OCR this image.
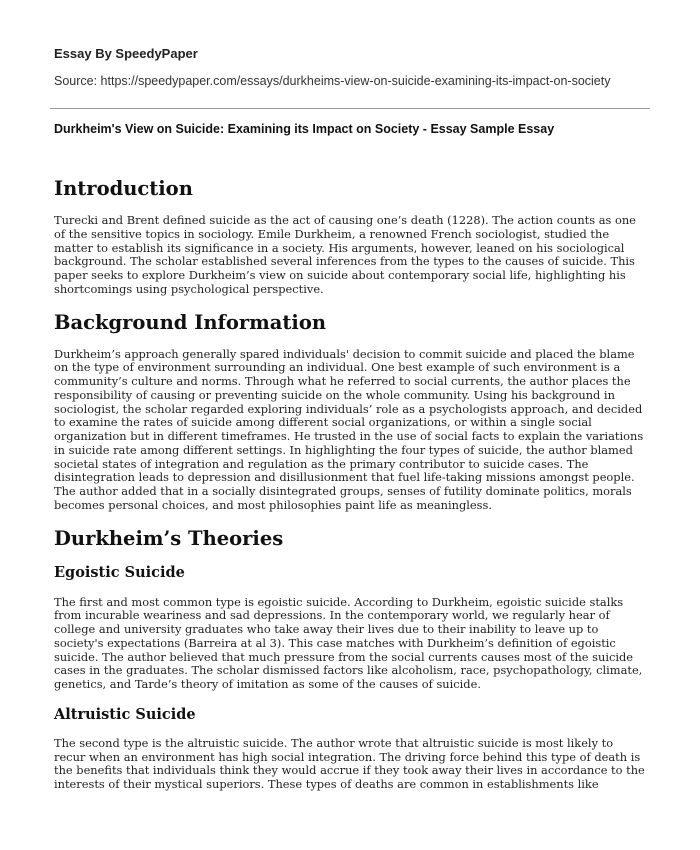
Essay By SpeedyPaper
Source: https://speedypaper.com/essays/durkheims-view-on-suicide-examining-its-impact-on-society
Durkheim's View on Suicide: Examining its Impact on Society - Essay Sample Essay
Introduction

Turecki and Brent defined suicide as the act of causing one’s death (1228). The action counts as one of the sensitive topics in sociology. Emile Durkheim, a renowned French sociologist, studied the matter to establish its significance in a society. His arguments, however, leaned on his sociological background. The scholar established several inferences from the types to the causes of suicide. This paper seeks to explore Durkheim’s view on suicide about contemporary social life, highlighting his shortcomings using psychological perspective.

Background Information

Durkheim’s approach generally spared individuals' decision to commit suicide and placed the blame on the type of environment surrounding an individual. One best example of such environment is a community’s culture and norms. Through what he referred to social currents, the author places the responsibility of causing or preventing suicide on the whole community. Using his background in sociologist, the scholar regarded exploring individuals’ role as a psychologists approach, and decided to examine the rates of suicide among different social organizations, or within a single social organization but in different timeframes. He trusted in the use of social facts to explain the variations in suicide rate among different settings. In highlighting the four types of suicide, the author blamed societal states of integration and regulation as the primary contributor to suicide cases. The disintegration leads to depression and disillusionment that fuel life-taking missions amongst people. The author added that in a socially disintegrated groups, senses of futility dominate politics, morals becomes personal choices, and most philosophies paint life as meaningless.

Durkheim’s Theories
Egoistic Suicide

The first and most common type is egoistic suicide. According to Durkheim, egoistic suicide stalks from incurable weariness and sad depressions. In the contemporary world, we regularly hear of college and university graduates who take away their lives due to their inability to leave up to society's expectations (Barreira at al 3). This case matches with Durkheim’s definition of egoistic suicide. The author believed that much pressure from the social currents causes most of the suicide cases in the graduates. The scholar dismissed factors like alcoholism, race, psychopathology, climate, genetics, and Tarde’s theory of imitation as some of the causes of suicide.

Altruistic Suicide

The second type is the altruistic suicide. The author wrote that altruistic suicide is most likely to recur when an environment has high social integration. The driving force behind this type of death is the benefits that individuals think they would accrue if they took away their lives in accordance to the interests of their mystical superiors. These types of deaths are common in establishments like
